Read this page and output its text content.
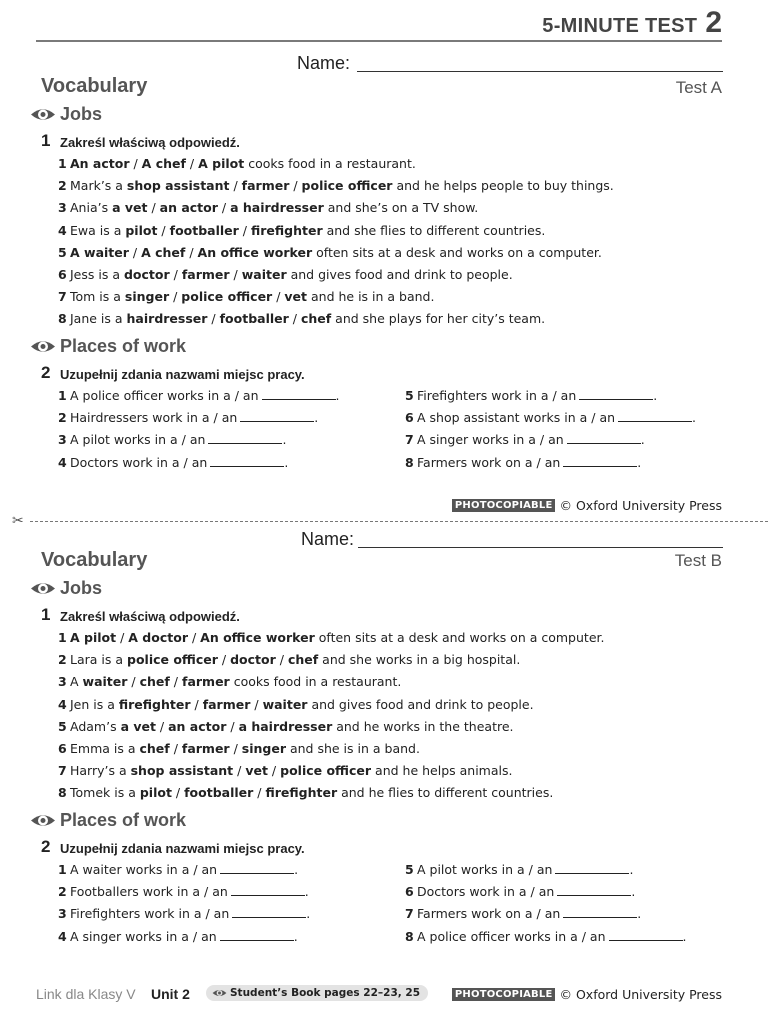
5-MINUTE TEST 2
Name:
Vocabulary	Test A
Jobs
1 Zakreśl właściwą odpowiedź.
1 An actor / A chef / A pilot cooks food in a restaurant.
2 Mark’s a shop assistant / farmer / police officer and he helps people to buy things.
3 Ania’s a vet / an actor / a hairdresser and she’s on a TV show.
4 Ewa is a pilot / footballer / firefighter and she flies to different countries.
5 A waiter / A chef / An office worker often sits at a desk and works on a computer.
6 Jess is a doctor / farmer / waiter and gives food and drink to people.
7 Tom is a singer / police officer / vet and he is in a band.
8 Jane is a hairdresser / footballer / chef and she plays for her city’s team.
Places of work
2 Uzupełnij zdania nazwami miejsc pracy.
1 A police officer works in a / an	.
2 Hairdressers work in a / an	.
3 A pilot works in a / an	.
4 Doctors work in a / an	.
5 Firefighters work in a / an	.
6 A shop assistant works in a / an	.
7 A singer works in a / an	.
8 Farmers work on a / an	.
PHOTOCOPIABLE © Oxford University Press
✂
Name:
Vocabulary	Test B
Jobs
1 Zakreśl właściwą odpowiedź.
1 A pilot / A doctor / An office worker often sits at a desk and works on a computer.
2 Lara is a police officer / doctor / chef and she works in a big hospital.
3 A waiter / chef / farmer cooks food in a restaurant.
4 Jen is a firefighter / farmer / waiter and gives food and drink to people.
5 Adam’s a vet / an actor / a hairdresser and he works in the theatre.
6 Emma is a chef / farmer / singer and she is in a band.
7 Harry’s a shop assistant / vet / police officer and he helps animals.
8 Tomek is a pilot / footballer / firefighter and he flies to different countries.
Places of work
2 Uzupełnij zdania nazwami miejsc pracy.
1 A waiter works in a / an	.
2 Footballers work in a / an	.
3 Firefighters work in a / an	.
4 A singer works in a / an	.
5 A pilot works in a / an	.
6 Doctors work in a / an	.
7 Farmers work on a / an	.
8 A police officer works in a / an	.
Link dla Klasy V Unit 2	Student’s Book pages 22–23, 25	PHOTOCOPIABLE © Oxford University Press
